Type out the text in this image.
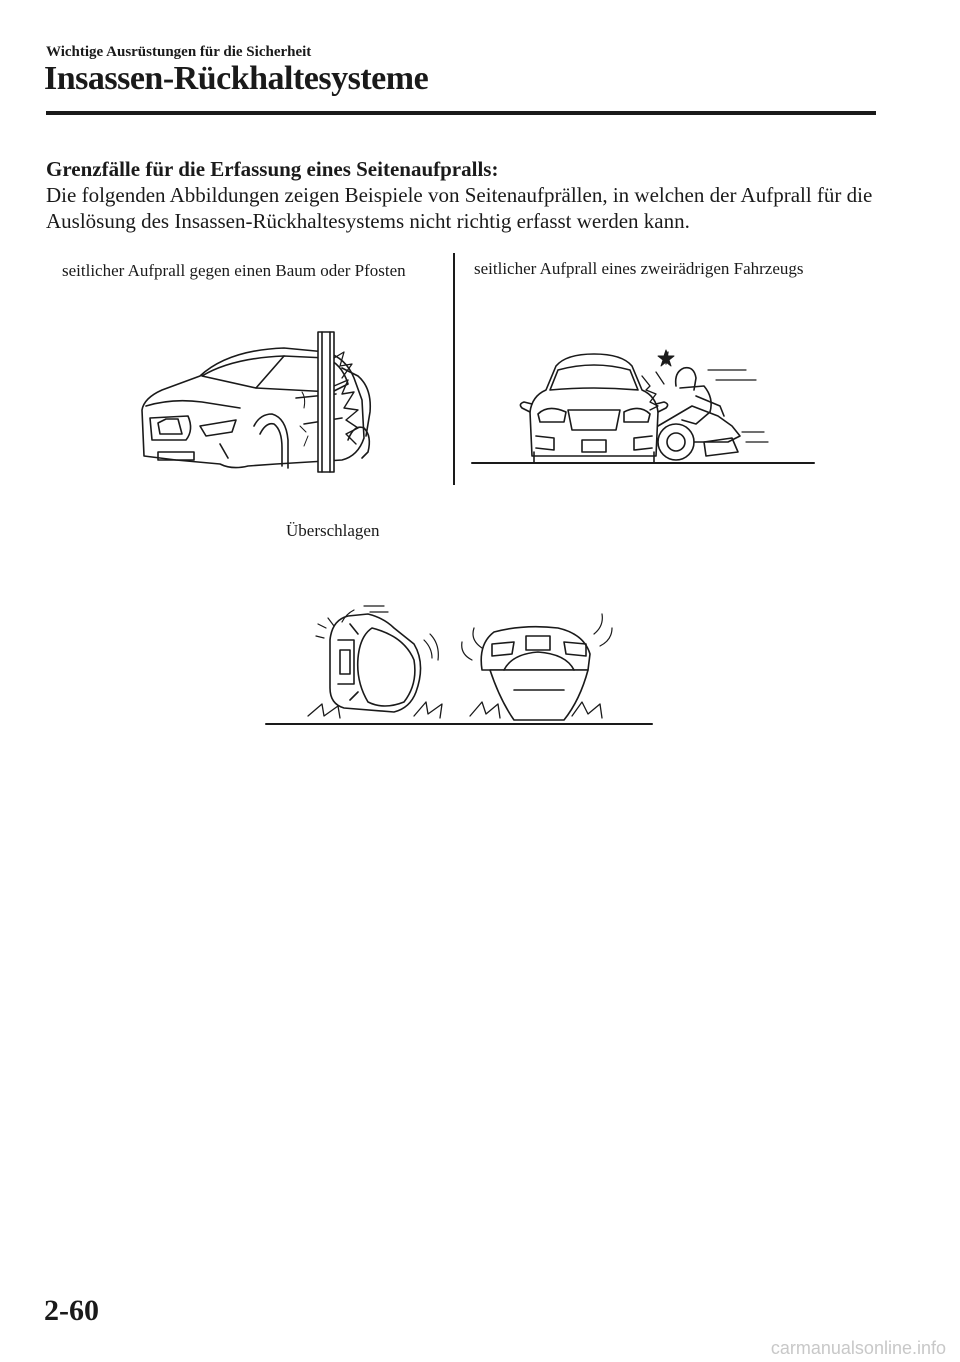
Wichtige Ausrüstungen für die Sicherheit
Insassen-Rückhaltesysteme
Grenzfälle für die Erfassung eines Seitenaufpralls:
Die folgenden Abbildungen zeigen Beispiele von Seitenaufprällen, in welchen der Aufprall für die Auslösung des Insassen-Rückhaltesystems nicht richtig erfasst werden kann.
seitlicher Aufprall gegen einen Baum oder Pfosten	seitlicher Aufprall eines zweirädrigen Fahrzeugs
Überschlagen
2-60
carmanualsonline.info
